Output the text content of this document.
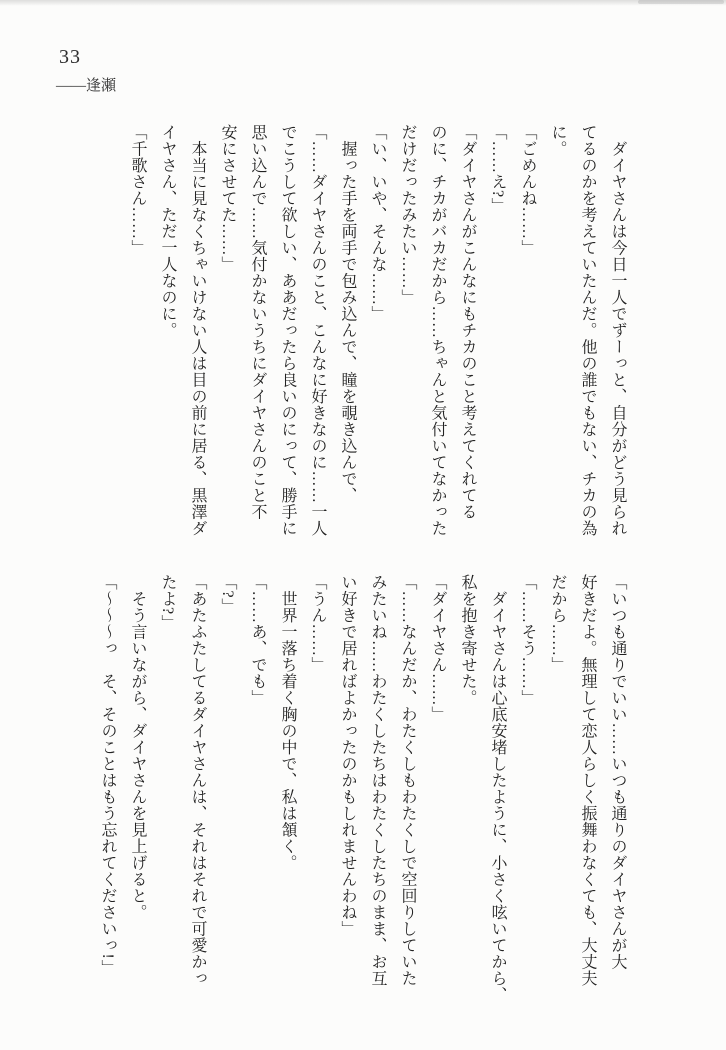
33
——逢瀬
　ダイヤさんは今日一人でずーっと、自分がどう見られ
てるのかを考えていたんだ。他の誰でもない、チカの為
に。
「ごめんね……」
「……え?」
「ダイヤさんがこんなにもチカのこと考えてくれてる
のに、チカがバカだから……ちゃんと気付いてなかった
だけだったみたい……」
「い、いや、そんな……」
　握った手を両手で包み込んで、瞳を覗き込んで、
「……ダイヤさんのこと、こんなに好きなのに……一人
でこうして欲しい、ああだったら良いのにって、勝手に
思い込んで……気付かないうちにダイヤさんのこと不
安にさせてた……」
　本当に見なくちゃいけない人は目の前に居る、黒澤ダ
イヤさん、ただ一人なのに。
「千歌さん……」
「いつも通りでいい……いつも通りのダイヤさんが大
好きだよ。無理して恋人らしく振舞わなくても、大丈夫
だから……」
「……そう……」
　ダイヤさんは心底安堵したように、小さく呟いてから、
私を抱き寄せた。
「ダイヤさん……」
「……なんだか、わたくしもわたくしで空回りしていた
みたいね……わたくしたちはわたくしたちのまま、お互
い好きで居ればよかったのかもしれませんわね」
「うん……」
　世界一落ち着く胸の中で、私は頷く。
「……あ、でも」
「?」
「あたふたしてるダイヤさんは、それはそれで可愛かっ
たよ?」
　そう言いながら、ダイヤさんを見上げると。
「〜〜〜っ　そ、そのことはもう忘れてくださいっ!」
